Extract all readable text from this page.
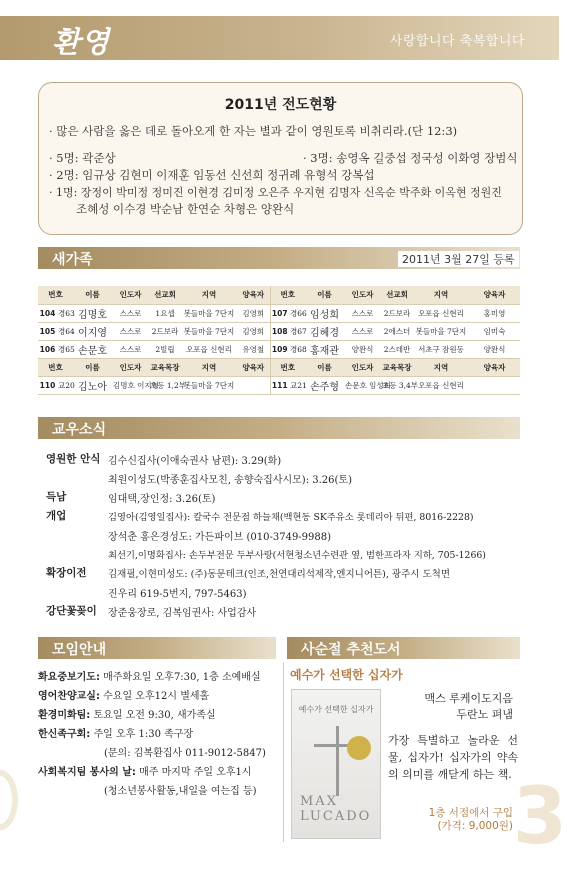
환영	사랑합니다 축복합니다
2011년 전도현황
· 많은 사람을 옳은 데로 돌아오게 한 자는 별과 같이 영원토록 비취리라.(단 12:3)
· 5명: 곽준상	· 3명: 송영옥 길중섭 정국성 이화영 장범식
· 2명: 임규상 김현미 이재훈 임동선 신선희 정귀례 유형석 강복섭
· 1명: 장정이 박미정 정미진 이현경 김미정 오은주 우지현 김명자 신옥순 박주화 이옥현 정원진
조혜성 이수경 박순남 한연순 차형은 양완식
새가족	2011년 3월 27일 등록
번호		이름	인도자	선교회	지역	양육자	번호		이름	인도자	선교회	지역	양육자
104	경63	김명호	스스로	1요셉	봇들마을 7단지	김영희	107	경66	임성희	스스로	2드보라	오포읍 신현리	홍미영
105	경64	이지영	스스로	2드보라	봇들마을 7단지	김영희	108	경67	김혜경	스스로	2에스더	봇들마을 7단지	임미숙
106	경65	손문호	스스로	2빌립	오포읍 신현리	유영철	109	경68	홍재관	양완식	2스데반	서초구 잠원동	양완식
번호		이름	인도자	교육목장	지역	양육자	번호		이름	인도자	교육목장	지역	양육자
110	교20	김노아	김명호 이지영	초등 1,2부	봇들마을 7단지		111	교21	손주형	손문호 임성희	초등 3,4부	오포읍 신현리	
교우소식
영원한 안식 김수신집사(이애숙권사 남편): 3.29(화)
최원이성도(박종훈집사모친, 송향숙집사시모): 3.26(토)
득남	임대택,장인정: 3.26(토)
개업	김영아(김영일집사): 칼국수 전문점 하늘채(백현동 SK주유소 롯데리아 뒤편, 8016-2228)
장석춘 홍은경성도: 가든파이브 (010-3749-9988)
최선기,이명화집사: 손두부전문 두부사랑(서현청소년수련관 옆, 범한프라자 지하, 705-1266)
확장이전 김재필,이현미성도: (주)동문테크(인조,천연대리석제작,엔지니어튼), 광주시 도척면
진우리 619-5번지, 797-5463)
강단꽃꽂이 장준웅장로, 김복임권사: 사업감사
모임안내
화요중보기도: 매주화요일 오후7:30, 1층 소예배실
영어찬양교실: 수요일 오후12시 별세홀
환경미화팀: 토요일 오전 9:30, 새가족실
한신족구회: 주일 오후 1:30 족구장
(문의: 김복환집사 011-9012-5847)
사회복지팀 봉사의 날: 매주 마지막 주일 오후1시
(청소년봉사활동,내일을 여는집 등)
사순절 추천도서
예수가 선택한 십자가
예수가 선택한 십자가
MAX LUCADO
맥스 루케이도지음
두란노 펴냄
가장 특별하고 놀라운 선물, 십자가! 십자가의 약속의 의미를 깨닫게 하는 책.
1층 서점에서 구입
(가격: 9,000원) 3
